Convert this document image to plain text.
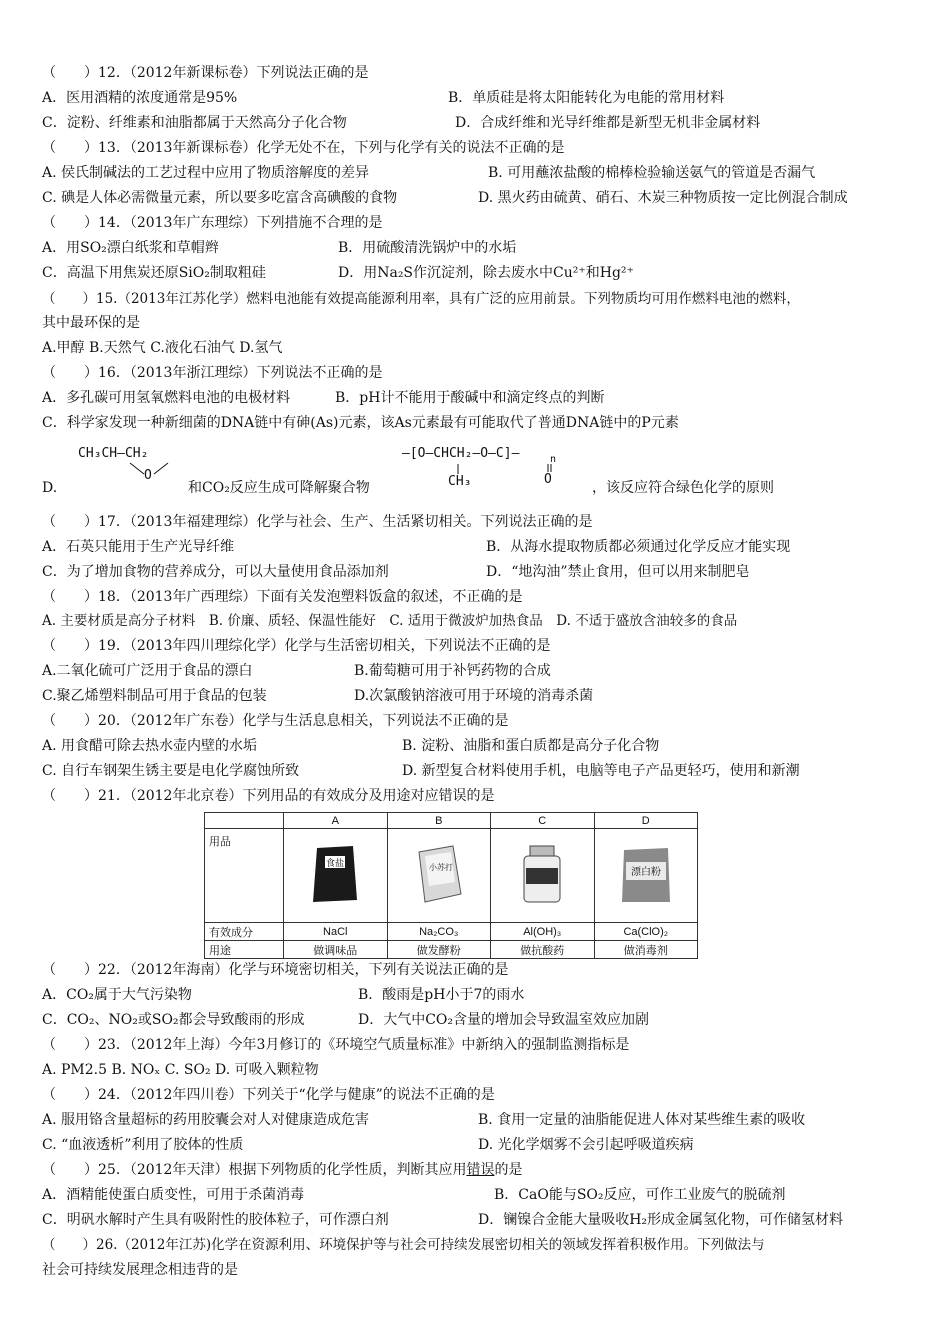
（　　）12．（2012年新课标卷）下列说法正确的是
A．医用酒精的浓度通常是95%	B．单质硅是将太阳能转化为电能的常用材料
C．淀粉、纤维素和油脂都属于天然高分子化合物	D．合成纤维和光导纤维都是新型无机非金属材料
（　　）13．（2013年新课标卷）化学无处不在，下列与化学有关的说法不正确的是
A. 侯氏制碱法的工艺过程中应用了物质溶解度的差异	B. 可用蘸浓盐酸的棉棒检验输送氨气的管道是否漏气
C. 碘是人体必需微量元素，所以要多吃富含高碘酸的食物	D. 黑火药由硫黄、硝石、木炭三种物质按一定比例混合制成
（　　）14．（2013年广东理综）下列措施不合理的是
A．用SO₂漂白纸浆和草帽辫	B．用硫酸清洗锅炉中的水垢
C．高温下用焦炭还原SiO₂制取粗硅	D．用Na₂S作沉淀剂，除去废水中Cu²⁺和Hg²⁺
（　　）15.（2013年江苏化学）燃料电池能有效提高能源利用率，具有广泛的应用前景。下列物质均可用作燃料电池的燃料，
其中最环保的是
A.甲醇 B.天然气 C.液化石油气 D.氢气
（　　）16．（2013年浙江理综）下列说法不正确的是
A．多孔碳可用氢氧燃料电池的电极材料	B．pH计不能用于酸碱中和滴定终点的判断
C．科学家发现一种新细菌的DNA链中有砷(As)元素，该As元素最有可能取代了普通DNA链中的P元素
D.
CH₃CH—CH₂
O
和CO₂反应生成可降解聚合物
—[O—CHCH₂—O—C]—	n
CH₃	O
，该反应符合绿色化学的原则
（　　）17．（2013年福建理综）化学与社会、生产、生活紧切相关。下列说法正确的是
A．石英只能用于生产光导纤维	B．从海水提取物质都必须通过化学反应才能实现
C．为了增加食物的营养成分，可以大量使用食品添加剂	D．“地沟油”禁止食用，但可以用来制肥皂
（　　）18．（2013年广西理综）下面有关发泡塑料饭盒的叙述，不正确的是
A. 主要材质是高分子材料　B. 价廉、质轻、保温性能好　C. 适用于微波炉加热食品　D. 不适于盛放含油较多的食品
（　　）19．（2013年四川理综化学）化学与生活密切相关，下列说法不正确的是
A.二氧化硫可广泛用于食品的漂白	B.葡萄糖可用于补钙药物的合成
C.聚乙烯塑料制品可用于食品的包装	D.次氯酸钠溶液可用于环境的消毒杀菌
（　　）20．（2012年广东卷）化学与生活息息相关，下列说法不正确的是
A. 用食醋可除去热水壶内壁的水垢	B. 淀粉、油脂和蛋白质都是高分子化合物
C. 自行车钢架生锈主要是电化学腐蚀所致	D. 新型复合材料使用手机，电脑等电子产品更轻巧，使用和新潮
（　　）21．（2012年北京卷）下列用品的有效成分及用途对应错误的是
	A	B	C	D
用品	食盐	小苏打		漂白粉

有效成分	NaCl	Na₂CO₃	Al(OH)₃	Ca(ClO)₂
用途	做调味品	做发酵粉	做抗酸药	做消毒剂
（　　）22．（2012年海南）化学与环境密切相关，下列有关说法正确的是
A．CO₂属于大气污染物	B．酸雨是pH小于7的雨水
C．CO₂、NO₂或SO₂都会导致酸雨的形成	D．大气中CO₂含量的增加会导致温室效应加剧
（　　）23．（2012年上海）今年3月修订的《环境空气质量标准》中新纳入的强制监测指标是
A. PM2.5 B. NOₓ C. SO₂ D. 可吸入颗粒物
（　　）24．（2012年四川卷）下列关于“化学与健康”的说法不正确的是
A. 服用铬含量超标的药用胶囊会对人对健康造成危害	B. 食用一定量的油脂能促进人体对某些维生素的吸收
C. “血液透析”利用了胶体的性质	D. 光化学烟雾不会引起呼吸道疾病
（　　）25．（2012年天津）根据下列物质的化学性质，判断其应用错误的是
A．酒精能使蛋白质变性，可用于杀菌消毒	B．CaO能与SO₂反应，可作工业废气的脱硫剂
C．明矾水解时产生具有吸附性的胶体粒子，可作漂白剂	D．镧镍合金能大量吸收H₂形成金属氢化物，可作储氢材料
（　　）26.（2012年江苏)化学在资源利用、环境保护等与社会可持续发展密切相关的领域发挥着积极作用。下列做法与
社会可持续发展理念相违背的是
